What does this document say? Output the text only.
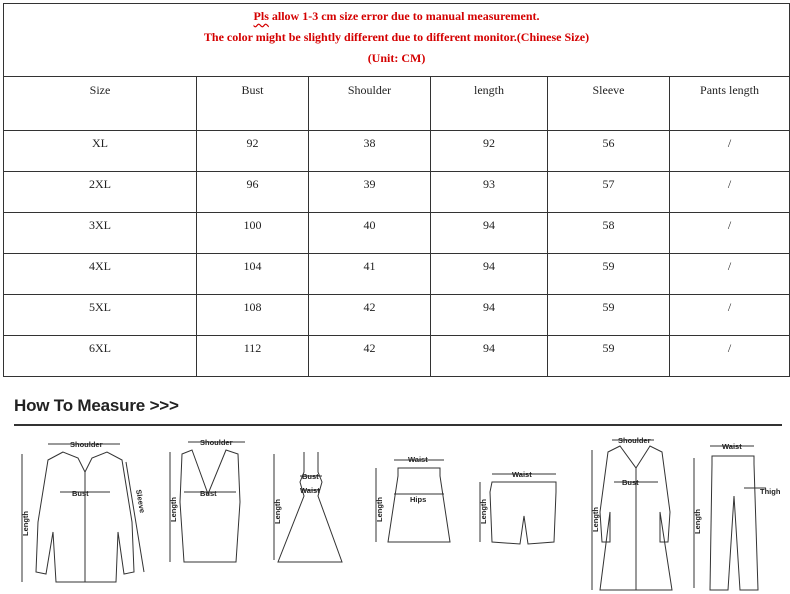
Pls allow 1-3 cm size error due to manual measurement.
The color might be slightly different due to different monitor.(Chinese Size)
(Unit: CM)					

Size	Bust	Shoulder	length	Sleeve	Pants length
XL	92	38	92	56	/
2XL	96	39	93	57	/
3XL	100	40	94	58	/
4XL	104	41	94	59	/
5XL	108	42	94	59	/
6XL	112	42	94	59	/
How To Measure >>>
Shoulder
Length
Bust	Sleeve
Shoulder
Bust
Length
Bust
Waist
Length
Waist
Hips
Length
Waist
Length
Shoulder
Bust
Length
Waist
Thigh
Length
